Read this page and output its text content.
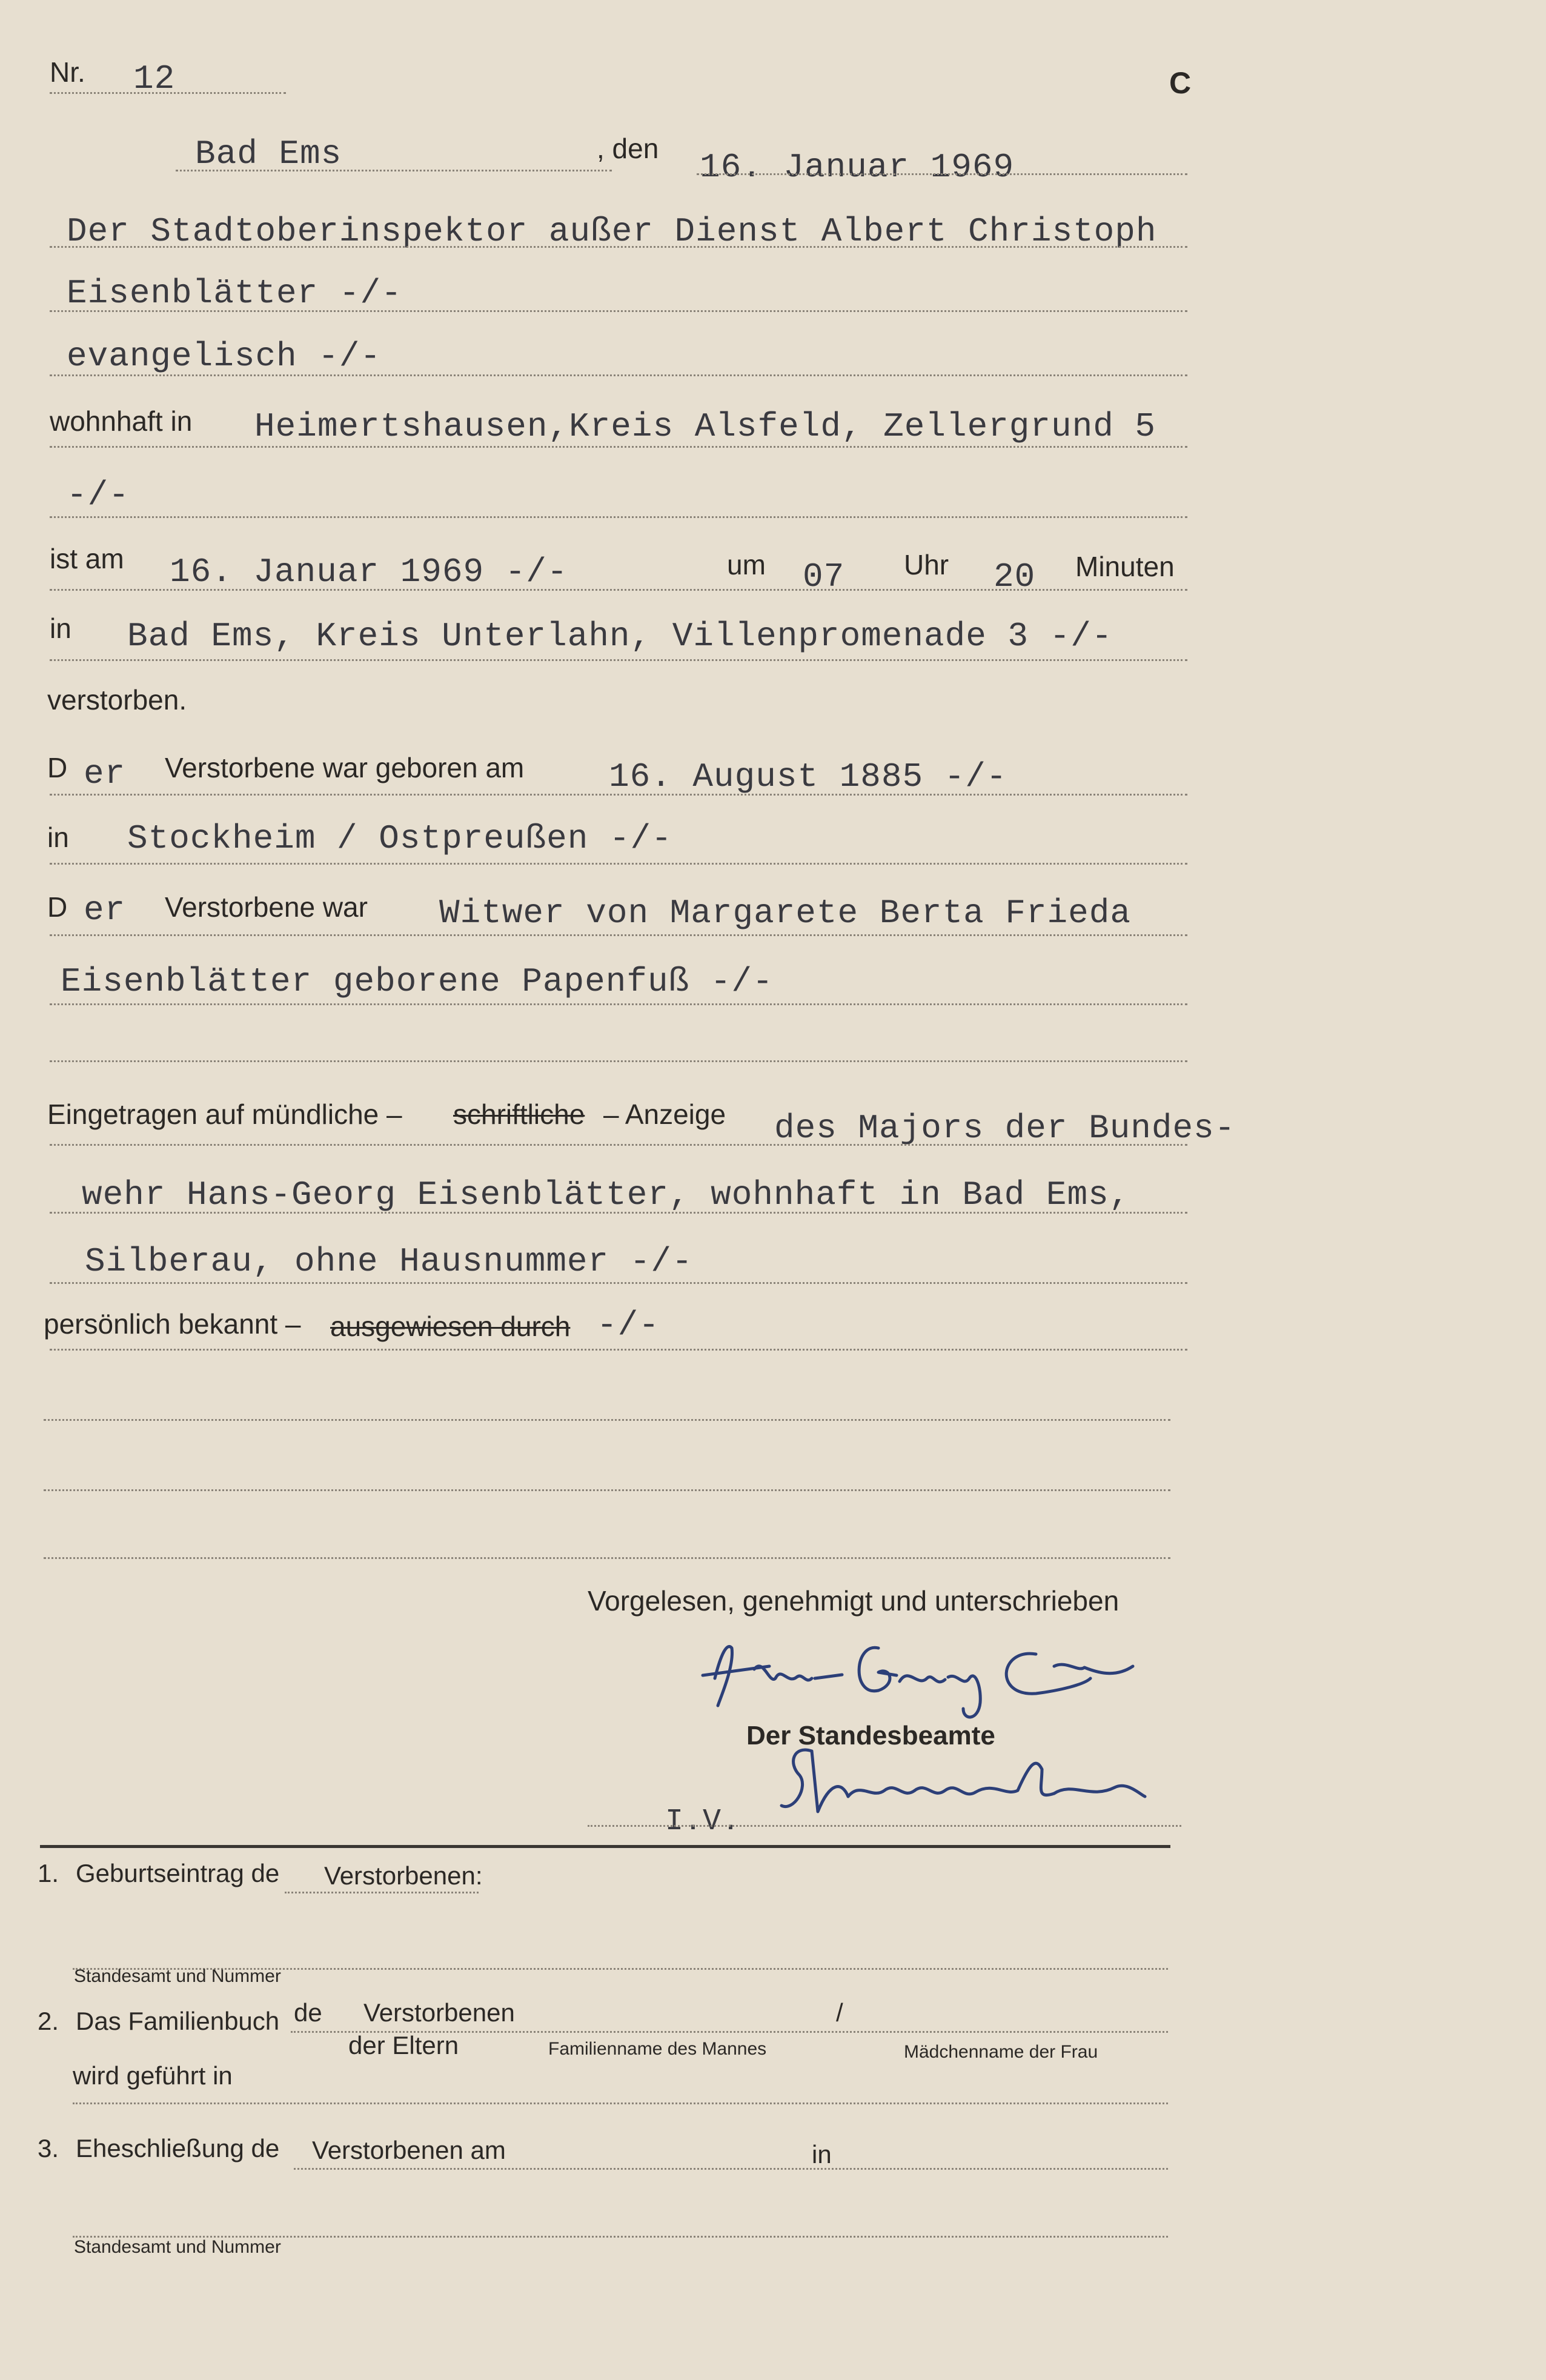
Nr. 12	C
Bad Ems	, den 16. Januar 1969
Der Stadtoberinspektor außer Dienst Albert Christoph
Eisenblätter -/-
evangelisch -/-
wohnhaft in Heimertshausen,Kreis Alsfeld, Zellergrund 5
-/-
ist am 16. Januar 1969 -/-	um 07 Uhr 20 Minuten
in Bad Ems, Kreis Unterlahn, Villenpromenade 3 -/-
verstorben.
D er Verstorbene war geboren am 16. August 1885 -/-
in Stockheim / Ostpreußen -/-
D er Verstorbene war Witwer von Margarete Berta Frieda
Eisenblätter geborene Papenfuß -/-
Eingetragen auf mündliche – schriftliche – Anzeige des Majors der Bundes-
wehr Hans-Georg Eisenblätter, wohnhaft in Bad Ems,
Silberau, ohne Hausnummer -/-
persönlich bekannt – ausgewiesen durch -/-
Vorgelesen, genehmigt und unterschrieben
Der Standesbeamte
I.V.
1. Geburtseintrag de Verstorbenen:
Standesamt und Nummer
2. Das Familienbuch de Verstorbenen	/
der Eltern	Familienname des Mannes	Mädchenname der Frau
wird geführt in
3. Eheschließung de Verstorbenen am	in
Standesamt und Nummer
